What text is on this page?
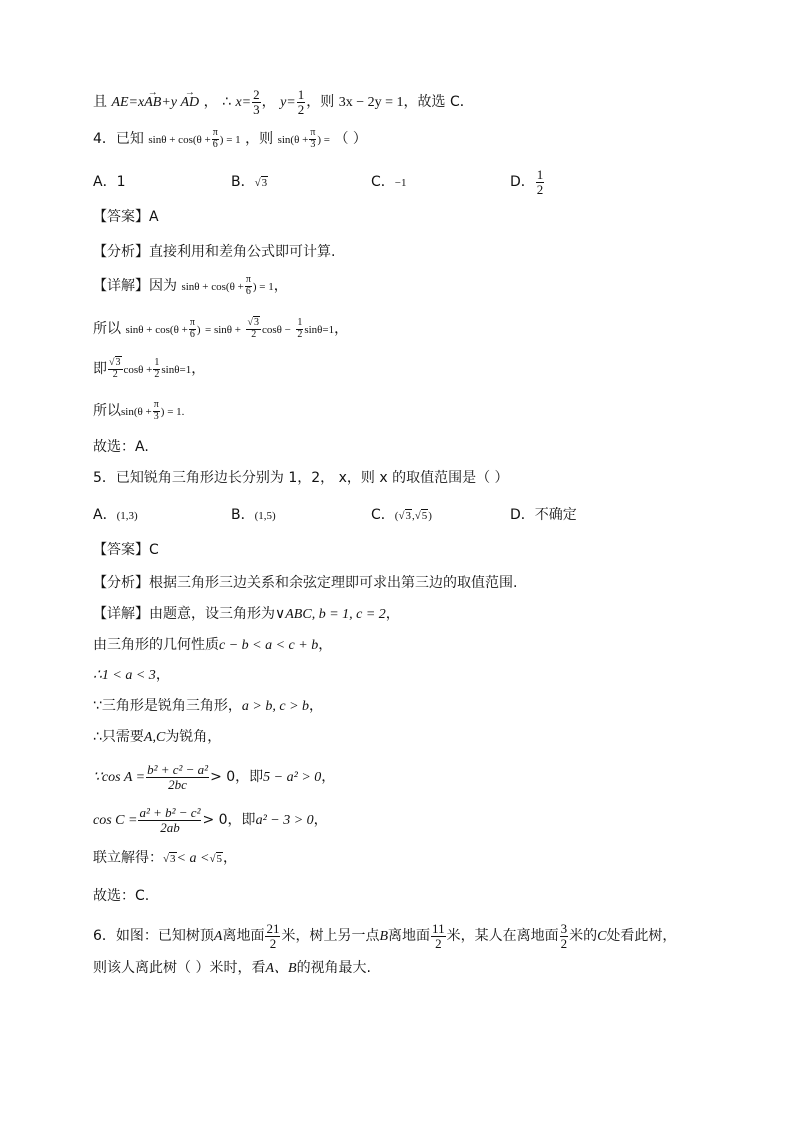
且 AE=x→ AB+y → AD ， ∴ $x= \frac{2}{3}$ ， $y= \frac{1}{2}$ ，则 3x − 2y = 1，故选 C．
4．已知 $\sin\theta + \cos(\theta + \frac{\pi}{6}$ ) = 1 ，则 $\sin(\theta + \frac{\pi}{3}$ ) = （ ）
A．1	B．√3	C．−1	D． $\frac{1}{2}$
【答案】A
【分析】直接利用和差角公式即可计算.
【详解】因为 $\sin\theta + \cos(\theta + \frac{\pi}{6}$ ) = 1，
所以 $\sin\theta + \cos(\theta + \frac{\pi}{6}$ ) = $\sin\theta + \frac{√3}{2}$ $\cos\theta - \frac{1}{2} \sin\theta=1$，
即 $\frac{√3}{2}$ $\cos\theta + \frac{1}{2} \sin\theta=1$，
所以$\sin(\theta + \frac{\pi}{3}$ ) = 1.
故选：A.
5．已知锐角三角形边长分别为 1，2， x，则 x 的取值范围是（ ）
A．(1,3)	B．(1,5)	C．(√3,√5)	D．不确定
【答案】C
【分析】根据三角形三边关系和余弦定理即可求出第三边的取值范围.
【详解】由题意，设三角形为∨ABC, b = 1, c = 2，
由三角形的几何性质c − b < a < c + b，
∴1 < a < 3，
∵三角形是锐角三角形，a > b, c > b，
∴只需要A,C为锐角，
∵cos $A = \frac{\text{b² + c² − a²}}{2bc} > 0$，即5 − a² > 0，
$\cos C = \frac{\text{a² + b² − c²}}{2ab} > 0$，即a² − 3 > 0，
联立解得：√3< a <√5，
故选：C.
6．如图：已知树顶A离地面 $\frac{21}{2}$ 米，树上另一点B离地面 $\frac{11}{2}$ 米，某人在离地面 $\frac{3}{2}$ 米的C处看此树，
则该人离此树（ ）米时，看A、B的视角最大.
